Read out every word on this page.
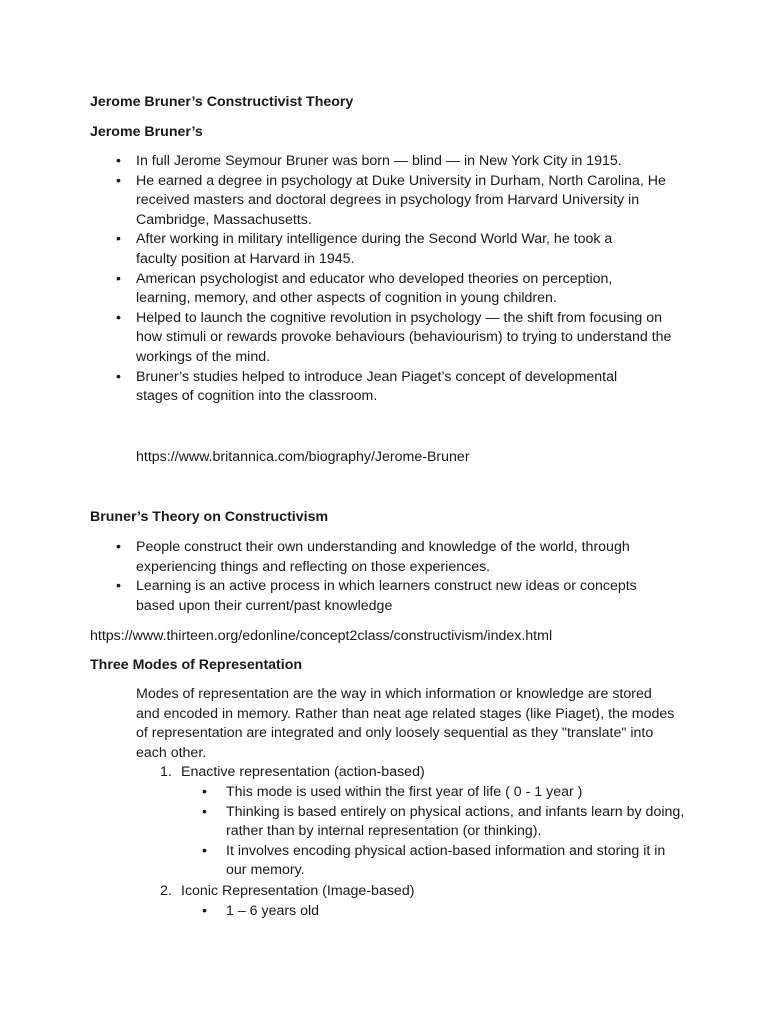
Jerome Bruner’s Constructivist Theory
Jerome Bruner’s
• In full Jerome Seymour Bruner was born — blind — in New York City in 1915.
• He earned a degree in psychology at Duke University in Durham, North Carolina, He received masters and doctoral degrees in psychology from Harvard University in Cambridge, Massachusetts.
• After working in military intelligence during the Second World War, he took a faculty position at Harvard in 1945.
• American psychologist and educator who developed theories on perception, learning, memory, and other aspects of cognition in young children.
• Helped to launch the cognitive revolution in psychology — the shift from focusing on how stimuli or rewards provoke behaviours (behaviourism) to trying to understand the workings of the mind.
• Bruner’s studies helped to introduce Jean Piaget’s concept of developmental stages of cognition into the classroom.
https://www.britannica.com/biography/Jerome-Bruner
Bruner’s Theory on Constructivism
• People construct their own understanding and knowledge of the world, through experiencing things and reflecting on those experiences.
• Learning is an active process in which learners construct new ideas or concepts based upon their current/past knowledge
https://www.thirteen.org/edonline/concept2class/constructivism/index.html
Three Modes of Representation
Modes of representation are the way in which information or knowledge are stored and encoded in memory. Rather than neat age related stages (like Piaget), the modes of representation are integrated and only loosely sequential as they "translate" into each other.
1. Enactive representation (action-based)
• This mode is used within the first year of life ( 0 - 1 year )
• Thinking is based entirely on physical actions, and infants learn by doing, rather than by internal representation (or thinking).
• It involves encoding physical action-based information and storing it in our memory.
2. Iconic Representation (Image-based)
• 1 – 6 years old
